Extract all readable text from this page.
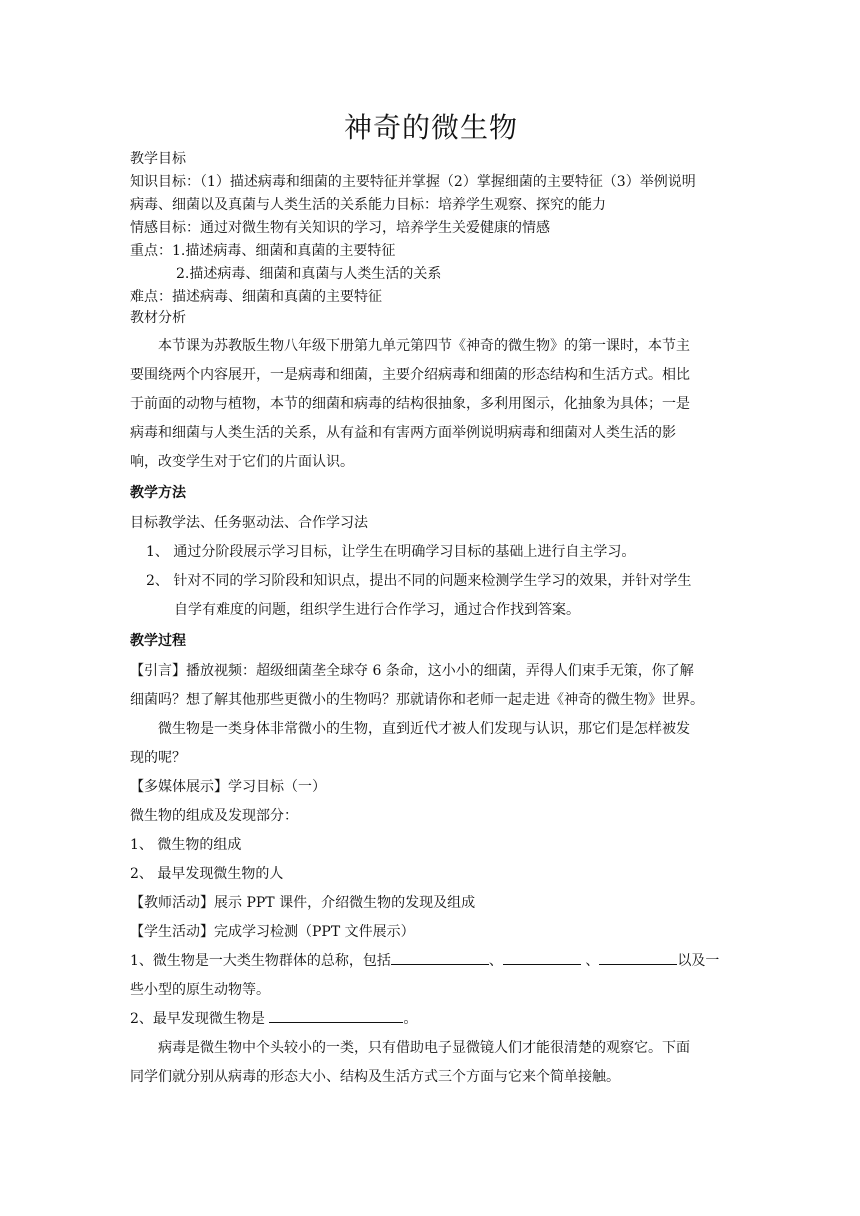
神奇的微生物
教学目标
知识目标：（1）描述病毒和细菌的主要特征并掌握（2）掌握细菌的主要特征（3）举例说明
病毒、细菌以及真菌与人类生活的关系能力目标：培养学生观察、探究的能力
情感目标：通过对微生物有关知识的学习，培养学生关爱健康的情感
重点：1.描述病毒、细菌和真菌的主要特征
2.描述病毒、细菌和真菌与人类生活的关系
难点：描述病毒、细菌和真菌的主要特征
教材分析
本节课为苏教版生物八年级下册第九单元第四节《神奇的微生物》的第一课时，本节主
要围绕两个内容展开，一是病毒和细菌，主要介绍病毒和细菌的形态结构和生活方式。相比
于前面的动物与植物，本节的细菌和病毒的结构很抽象，多利用图示，化抽象为具体；一是
病毒和细菌与人类生活的关系，从有益和有害两方面举例说明病毒和细菌对人类生活的影
响，改变学生对于它们的片面认识。
教学方法
目标教学法、任务驱动法、合作学习法
1、 通过分阶段展示学习目标，让学生在明确学习目标的基础上进行自主学习。
2、 针对不同的学习阶段和知识点，提出不同的问题来检测学生学习的效果，并针对学生
自学有难度的问题，组织学生进行合作学习，通过合作找到答案。
教学过程
【引言】播放视频：超级细菌垄全球夺 6 条命，这小小的细菌，弄得人们束手无策，你了解
细菌吗？想了解其他那些更微小的生物吗？那就请你和老师一起走进《神奇的微生物》世界。
微生物是一类身体非常微小的生物，直到近代才被人们发现与认识，那它们是怎样被发
现的呢？
【多媒体展示】学习目标（一）
微生物的组成及发现部分：
1、 微生物的组成
2、 最早发现微生物的人
【教师活动】展示 PPT 课件，介绍微生物的发现及组成
【学生活动】完成学习检测（PPT 文件展示）
1、微生物是一大类生物群体的总称，包括	、	、	以及一
些小型的原生动物等。
2、最早发现微生物是	。
病毒是微生物中个头较小的一类，只有借助电子显微镜人们才能很清楚的观察它。下面
同学们就分别从病毒的形态大小、结构及生活方式三个方面与它来个简单接触。
